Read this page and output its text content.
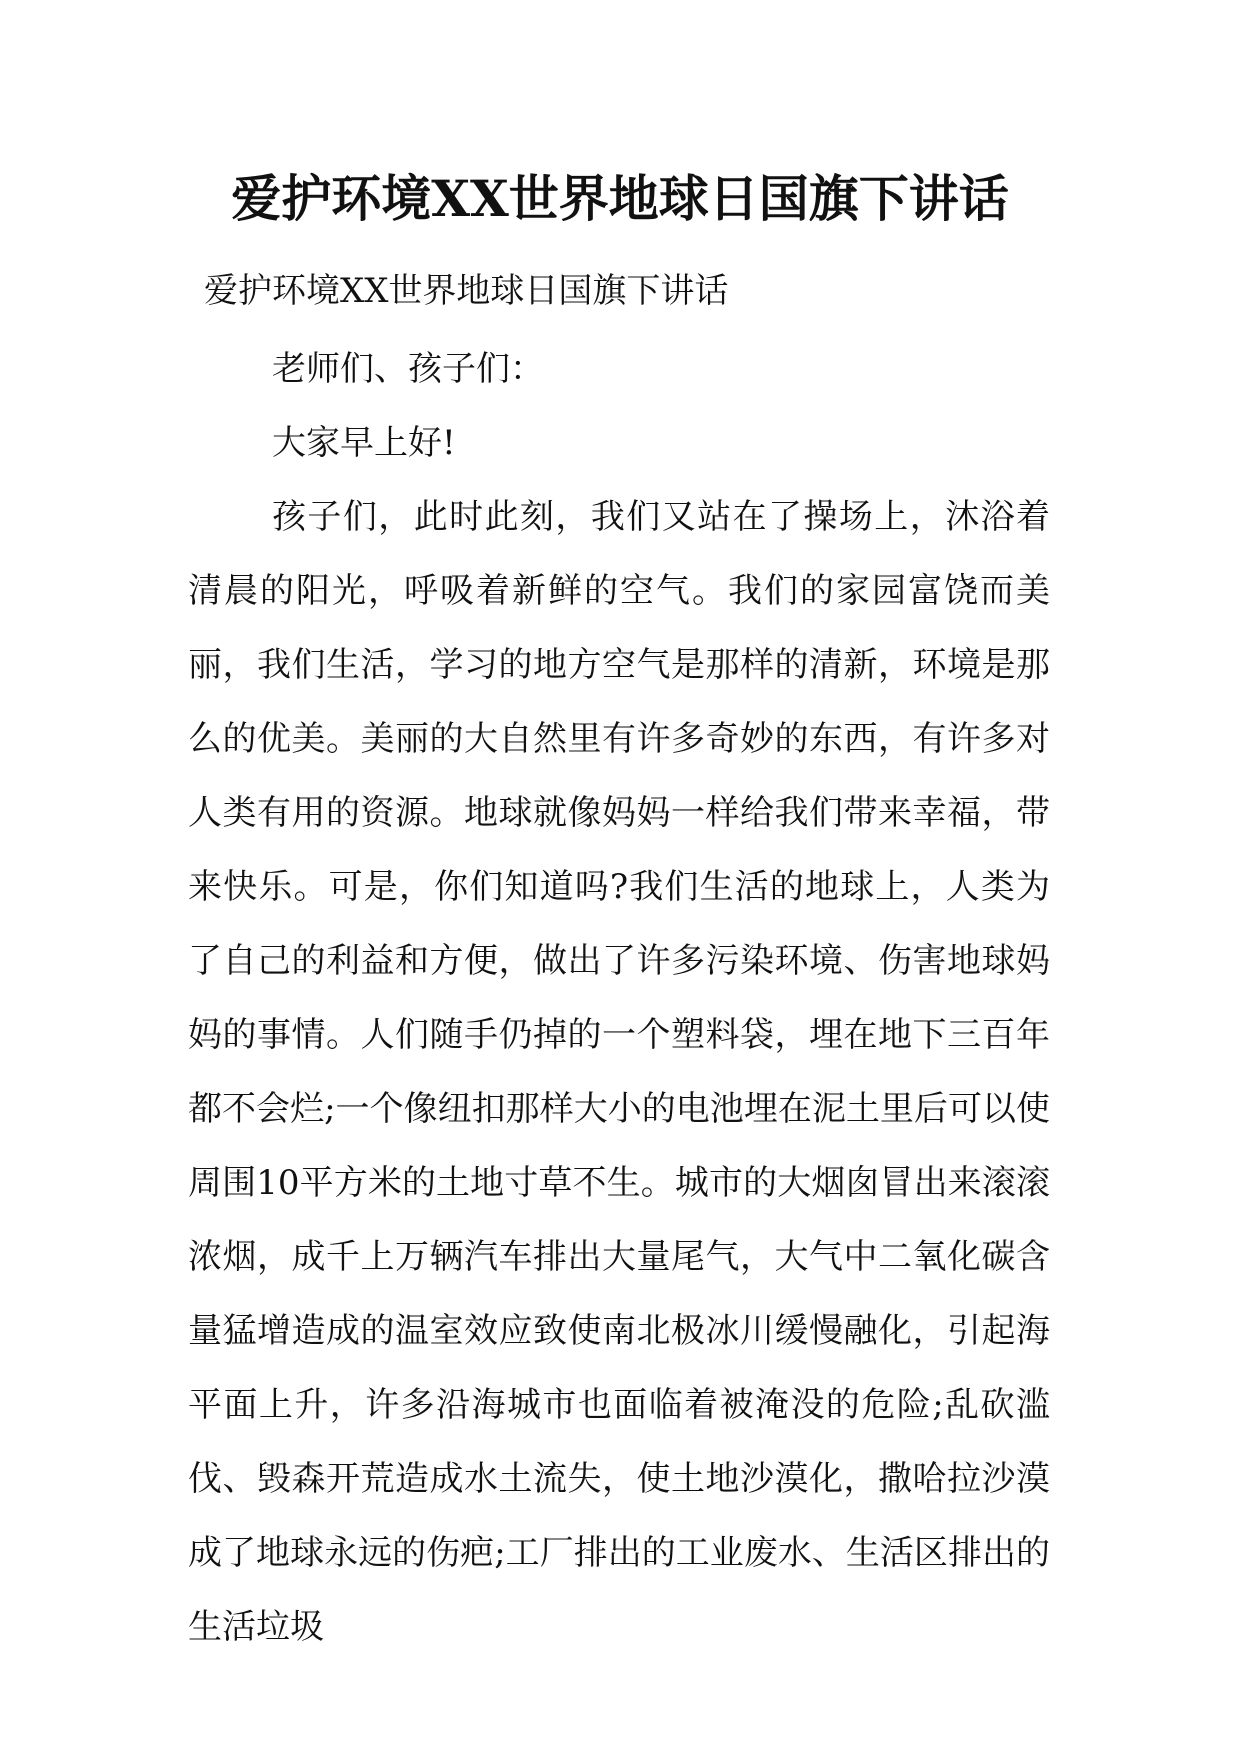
爱护环境XX世界地球日国旗下讲话

爱护环境XX世界地球日国旗下讲话

老师们、孩子们：

大家早上好!

孩子们，此时此刻，我们又站在了操场上，沐浴着清晨的阳光，呼吸着新鲜的空气。我们的家园富饶而美丽，我们生活，学习的地方空气是那样的清新，环境是那么的优美。美丽的大自然里有许多奇妙的东西，有许多对人类有用的资源。地球就像妈妈一样给我们带来幸福，带来快乐。可是，你们知道吗?我们生活的地球上，人类为了自己的利益和方便，做出了许多污染环境、伤害地球妈妈的事情。人们随手仍掉的一个塑料袋，埋在地下三百年都不会烂;一个像纽扣那样大小的电池埋在泥土里后可以使周围10平方米的土地寸草不生。城市的大烟囱冒出来滚滚浓烟，成千上万辆汽车排出大量尾气，大气中二氧化碳含量猛增造成的温室效应致使南北极冰川缓慢融化，引起海平面上升，许多沿海城市也面临着被淹没的危险;乱砍滥伐、毁森开荒造成水土流失，使土地沙漠化，撒哈拉沙漠成了地球永远的伤疤;工厂排出的工业废水、生活区排出的生活垃圾
